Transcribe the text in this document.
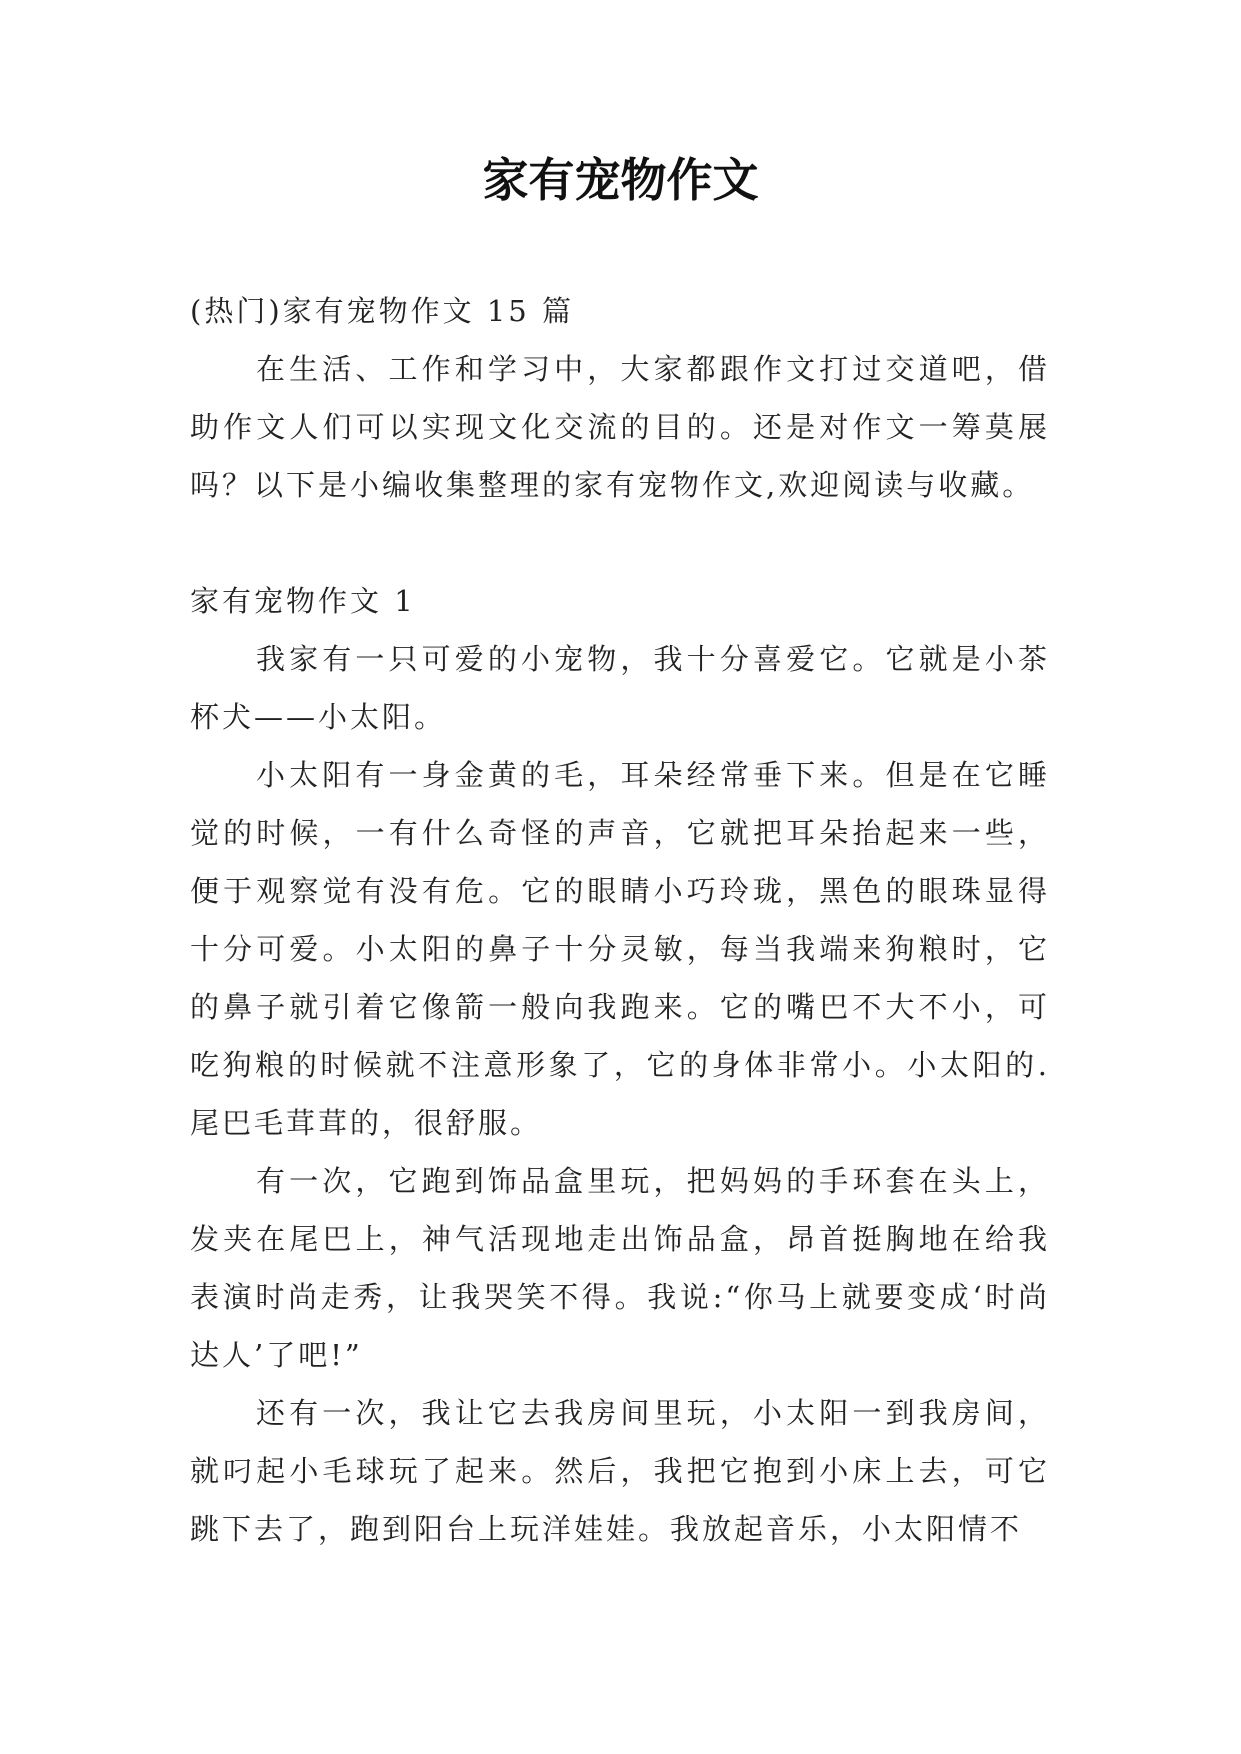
家有宠物作文

(热门)家有宠物作文 15 篇

在生活、工作和学习中，大家都跟作文打过交道吧，借助作文人们可以实现文化交流的目的。还是对作文一筹莫展吗？以下是小编收集整理的家有宠物作文,欢迎阅读与收藏。

家有宠物作文 1

我家有一只可爱的小宠物，我十分喜爱它。它就是小茶杯犬——小太阳。

小太阳有一身金黄的毛，耳朵经常垂下来。但是在它睡觉的时候，一有什么奇怪的声音，它就把耳朵抬起来一些，便于观察觉有没有危。它的眼睛小巧玲珑，黑色的眼珠显得十分可爱。小太阳的鼻子十分灵敏，每当我端来狗粮时，它的鼻子就引着它像箭一般向我跑来。它的嘴巴不大不小，可吃狗粮的时候就不注意形象了，它的身体非常小。小太阳的.尾巴毛茸茸的，很舒服。

有一次，它跑到饰品盒里玩，把妈妈的手环套在头上，发夹在尾巴上，神气活现地走出饰品盒，昂首挺胸地在给我表演时尚走秀，让我哭笑不得。我说:“你马上就要变成‘时尚达人’了吧!”

还有一次，我让它去我房间里玩，小太阳一到我房间，就叼起小毛球玩了起来。然后，我把它抱到小床上去，可它跳下去了，跑到阳台上玩洋娃娃。我放起音乐，小太阳情不
